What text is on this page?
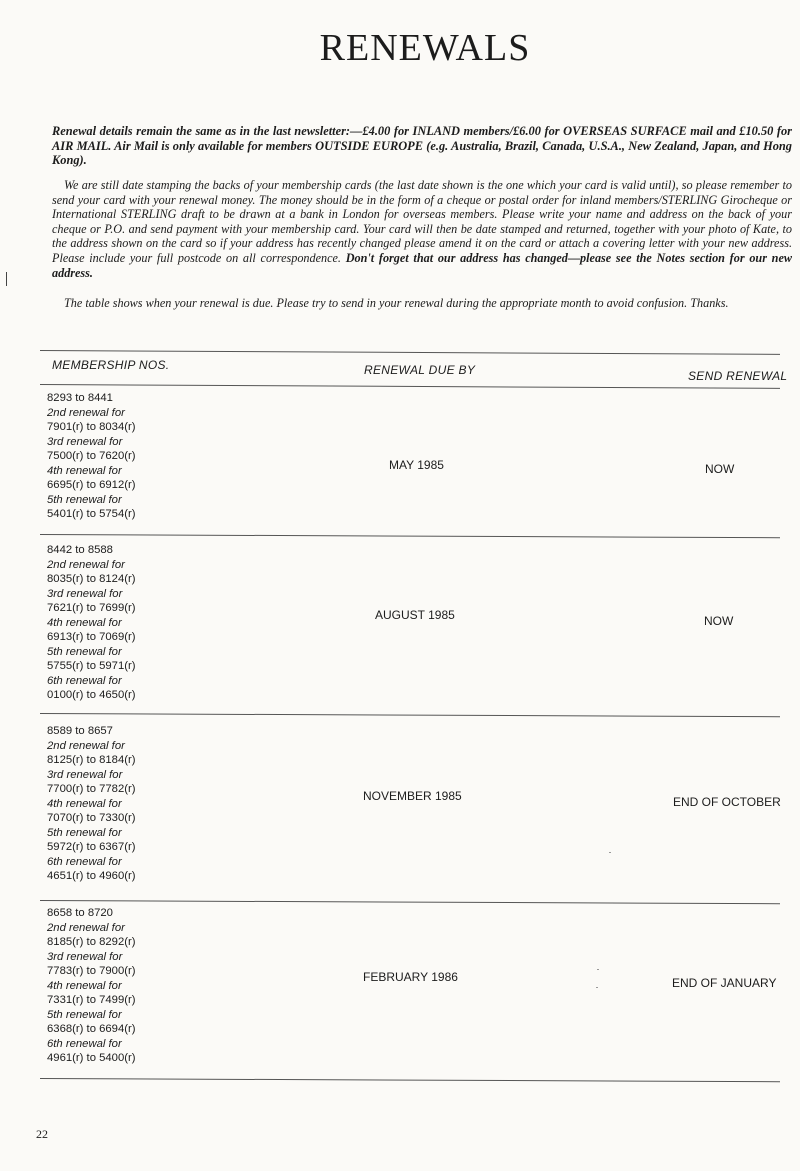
RENEWALS

Renewal details remain the same as in the last newsletter:—£4.00 for INLAND members/£6.00 for OVERSEAS SURFACE mail and £10.50 for AIR MAIL. Air Mail is only available for members OUTSIDE EUROPE (e.g. Australia, Brazil, Canada, U.S.A., New Zealand, Japan, and Hong Kong).

We are still date stamping the backs of your membership cards (the last date shown is the one which your card is valid until), so please remember to send your card with your renewal money. The money should be in the form of a cheque or postal order for inland members/STERLING Girocheque or International STERLING draft to be drawn at a bank in London for overseas members. Please write your name and address on the back of your cheque or P.O. and send payment with your membership card. Your card will then be date stamped and returned, together with your photo of Kate, to the address shown on the card so if your address has recently changed please amend it on the card or attach a covering letter with your new address. Please include your full postcode on all correspondence. Don't forget that our address has changed—please see the Notes section for our new address.

The table shows when your renewal is due. Please try to send in your renewal during the appropriate month to avoid confusion. Thanks.

MEMBERSHIP NOS.	RENEWAL DUE BY	SEND RENEWAL
8293 to 8441
2nd renewal for
7901(r) to 8034(r)
3rd renewal for
7500(r) to 7620(r)
4th renewal for
6695(r) to 6912(r)
5th renewal for
5401(r) to 5754(r)
MAY 1985	NOW
8442 to 8588
2nd renewal for
8035(r) to 8124(r)
3rd renewal for
7621(r) to 7699(r)
4th renewal for
6913(r) to 7069(r)
5th renewal for
5755(r) to 5971(r)
6th renewal for
0100(r) to 4650(r)
AUGUST 1985	NOW
8589 to 8657
2nd renewal for
8125(r) to 8184(r)
3rd renewal for
7700(r) to 7782(r)
4th renewal for
7070(r) to 7330(r)
5th renewal for
5972(r) to 6367(r)
6th renewal for
4651(r) to 4960(r)
NOVEMBER 1985	END OF OCTOBER
8658 to 8720
2nd renewal for
8185(r) to 8292(r)
3rd renewal for
7783(r) to 7900(r)
4th renewal for
7331(r) to 7499(r)
5th renewal for
6368(r) to 6694(r)
6th renewal for
4961(r) to 5400(r)
FEBRUARY 1986	END OF JANUARY
22
